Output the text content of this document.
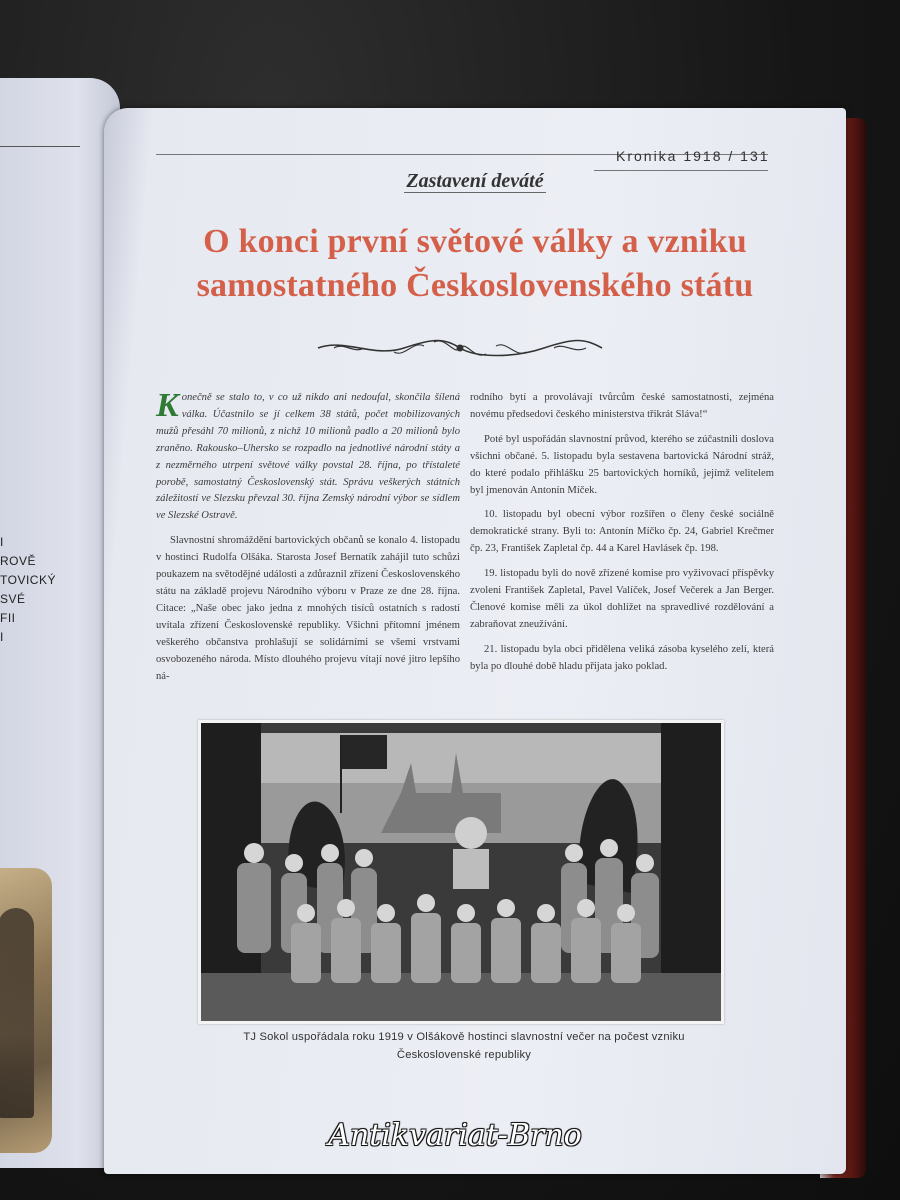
I
ROVĚ
TOVICKÝ
SVÉ
FII
I
Kronika 1918 / 131
Zastavení deváté
O konci první světové války a vzniku
samostatného Československého státu

Konečně se stalo to, v co už nikdo ani nedoufal, skončila šílená válka. Účastnilo se jí celkem 38 států, počet mobilizovaných mužů přesáhl 70 milionů, z nichž 10 milionů padlo a 20 milionů bylo zraněno. Rakousko–Uhersko se rozpadlo na jednotlivé národní státy a z nezměrného utrpení světové války povstal 28. října, po třístaleté porobě, samostatný Československý stát. Správu veškerých státních záležitostí ve Slezsku převzal 30. října Zemský národní výbor se sídlem ve Slezské Ostravě.

Slavnostní shromáždění bartovických občanů se konalo 4. listopadu v hostinci Rudolfa Olšáka. Starosta Josef Bernatík zahájil tuto schůzi poukazem na světodějné události a zdůraznil zřízení Československého státu na základě projevu Národního výboru v Praze ze dne 28. října. Citace: „Naše obec jako jedna z mnohých tisíců ostatních s radostí uvítala zřízení Československé republiky. Všichni přítomní jménem veškerého občanstva prohlašují se solidárními se všemi vrstvami osvobozeného národa. Místo dlouhého projevu vítají nové jitro lepšího ná-

rodního bytí a provolávají tvůrcům české samostatnosti, zejména novému předsedovi českého ministerstva třikrát Sláva!“

Poté byl uspořádán slavnostní průvod, kterého se zúčastnili doslova všichni občané. 5. listopadu byla sestavena bartovická Národní stráž, do které podalo přihlášku 25 bartovických horníků, jejímž velitelem byl jmenován Antonín Míček.

10. listopadu byl obecní výbor rozšířen o členy české sociálně demokratické strany. Byli to: Antonín Míčko čp. 24, Gabriel Krečmer čp. 23, František Zapletal čp. 44 a Karel Havlásek čp. 198.

19. listopadu byli do nově zřízené komise pro vyživovací příspěvky zvoleni František Zapletal, Pavel Valíček, Josef Večerek a Jan Berger. Členové komise měli za úkol dohlížet na spravedlivé rozdělování a zabraňovat zneužívání.

21. listopadu byla obci přidělena veliká zásoba kyselého zelí, která byla po dlouhé době hladu přijata jako poklad.

TJ Sokol uspořádala roku 1919 v Olšákově hostinci slavnostní večer na počest vzniku
Československé republiky
Antikvariat-Brno
